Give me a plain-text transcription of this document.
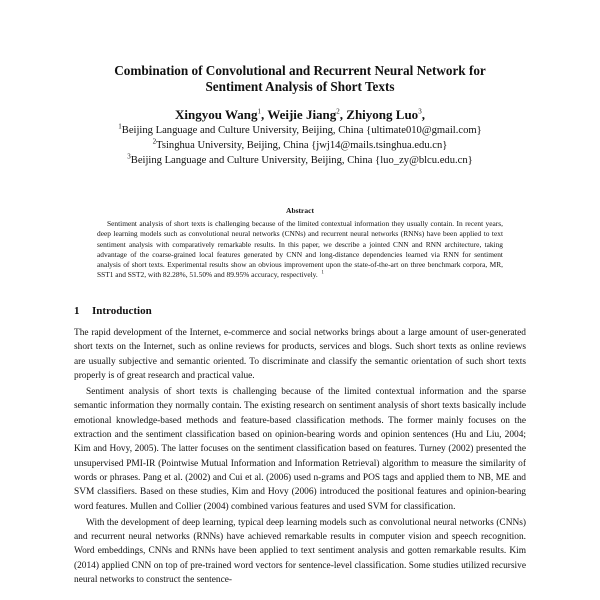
Combination of Convolutional and Recurrent Neural Network for
Sentiment Analysis of Short Texts
Xingyou Wang$^1$, Weijie Jiang$^2$, Zhiyong Luo$^3$,
$^1$Beijing Language and Culture University, Beijing, China {ultimate010@gmail.com}
$^2$Tsinghua University, Beijing, China {jwj14@mails.tsinghua.edu.cn}
$^3$Beijing Language and Culture University, Beijing, China {luo_zy@blcu.edu.cn}
Abstract
Sentiment analysis of short texts is challenging because of the limited contextual information they usually contain. In recent years, deep learning models such as convolutional neural networks (CNNs) and recurrent neural networks (RNNs) have been applied to text sentiment analysis with comparatively remarkable results. In this paper, we describe a jointed CNN and RNN architecture, taking advantage of the coarse-grained local features generated by CNN and long-distance dependencies learned via RNN for sentiment analysis of short texts. Experimental results show an obvious improvement upon the state-of-the-art on three benchmark corpora, MR, SST1 and SST2, with 82.28%, 51.50% and 89.95% accuracy, respectively. $^1$
1 Introduction

The rapid development of the Internet, e-commerce and social networks brings about a large amount of user-generated short texts on the Internet, such as online reviews for products, services and blogs. Such short texts as online reviews are usually subjective and semantic oriented. To discriminate and classify the semantic orientation of such short texts properly is of great research and practical value.

Sentiment analysis of short texts is challenging because of the limited contextual information and the sparse semantic information they normally contain. The existing research on sentiment analysis of short texts basically include emotional knowledge-based methods and feature-based classification methods. The former mainly focuses on the extraction and the sentiment classification based on opinion-bearing words and opinion sentences (Hu and Liu, 2004; Kim and Hovy, 2005). The latter focuses on the sentiment classification based on features. Turney (2002) presented the unsupervised PMI-IR (Pointwise Mutual Information and Information Retrieval) algorithm to measure the similarity of words or phrases. Pang et al. (2002) and Cui et al. (2006) used n-grams and POS tags and applied them to NB, ME and SVM classifiers. Based on these studies, Kim and Hovy (2006) introduced the positional features and opinion-bearing word features. Mullen and Collier (2004) combined various features and used SVM for classification.

With the development of deep learning, typical deep learning models such as convolutional neural networks (CNNs) and recurrent neural networks (RNNs) have achieved remarkable results in computer vision and speech recognition. Word embeddings, CNNs and RNNs have been applied to text sentiment analysis and gotten remarkable results. Kim (2014) applied CNN on top of pre-trained word vectors for sentence-level classification. Some studies utilized recursive neural networks to construct the sentence-
